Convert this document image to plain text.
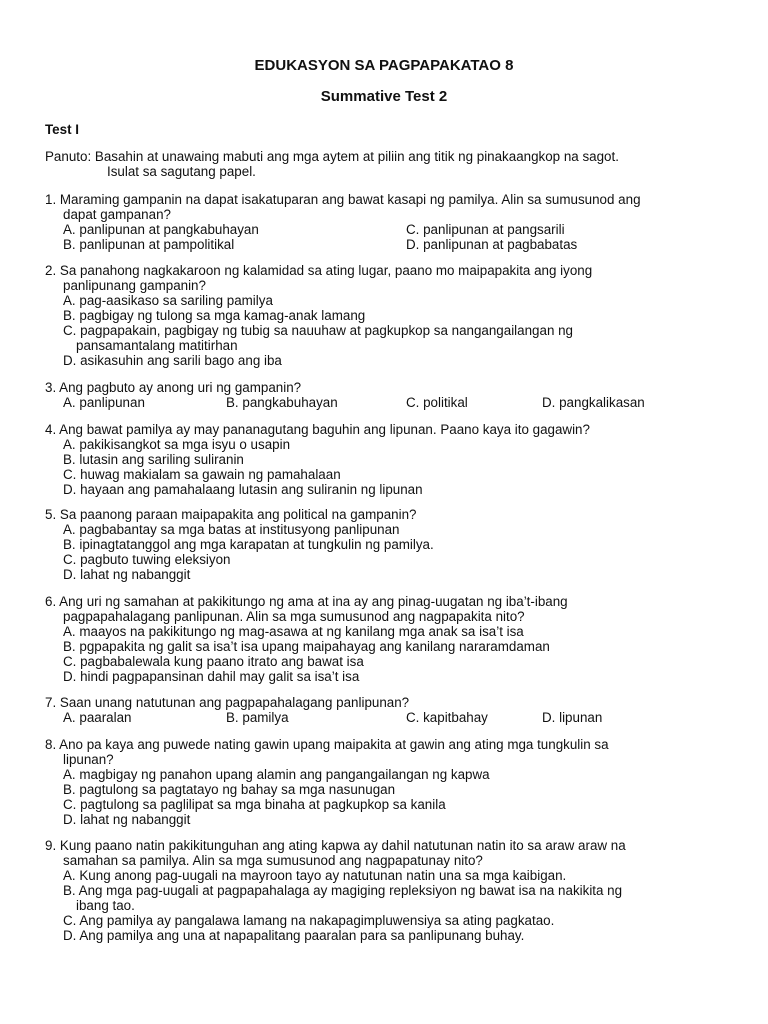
EDUKASYON SA PAGPAPAKATAO 8
Summative Test 2
Test I
Panuto: Basahin at unawaing mabuti ang mga aytem at piliin ang titik ng pinakaangkop na sagot.
Isulat sa sagutang papel.
1. Maraming gampanin na dapat isakatuparan ang bawat kasapi ng pamilya. Alin sa sumusunod ang
dapat gampanan?
A. panlipunan at pangkabuhayan	C. panlipunan at pangsarili
B. panlipunan at pampolitikal	D. panlipunan at pagbabatas
2. Sa panahong nagkakaroon ng kalamidad sa ating lugar, paano mo maipapakita ang iyong
panlipunang gampanin?
A. pag-aasikaso sa sariling pamilya
B. pagbigay ng tulong sa mga kamag-anak lamang
C. pagpapakain, pagbigay ng tubig sa nauuhaw at pagkupkop sa nangangailangan ng
pansamantalang matitirhan
D. asikasuhin ang sarili bago ang iba
3. Ang pagbuto ay anong uri ng gampanin?
A. panlipunan	B. pangkabuhayan	C. politikal	D. pangkalikasan
4. Ang bawat pamilya ay may pananagutang baguhin ang lipunan. Paano kaya ito gagawin?
A. pakikisangkot sa mga isyu o usapin
B. lutasin ang sariling suliranin
C. huwag makialam sa gawain ng pamahalaan
D. hayaan ang pamahalaang lutasin ang suliranin ng lipunan
5. Sa paanong paraan maipapakita ang political na gampanin?
A. pagbabantay sa mga batas at institusyong panlipunan
B. ipinagtatanggol ang mga karapatan at tungkulin ng pamilya.
C. pagbuto tuwing eleksiyon
D. lahat ng nabanggit
6. Ang uri ng samahan at pakikitungo ng ama at ina ay ang pinag-uugatan ng iba’t-ibang
pagpapahalagang panlipunan. Alin sa mga sumusunod ang nagpapakita nito?
A. maayos na pakikitungo ng mag-asawa at ng kanilang mga anak sa isa’t isa
B. pgpapakita ng galit sa isa’t isa upang maipahayag ang kanilang nararamdaman
C. pagbabalewala kung paano itrato ang bawat isa
D. hindi pagpapansinan dahil may galit sa isa’t isa
7. Saan unang natutunan ang pagpapahalagang panlipunan?
A. paaralan	B. pamilya	C. kapitbahay	D. lipunan
8. Ano pa kaya ang puwede nating gawin upang maipakita at gawin ang ating mga tungkulin sa
lipunan?
A. magbigay ng panahon upang alamin ang pangangailangan ng kapwa
B. pagtulong sa pagtatayo ng bahay sa mga nasunugan
C. pagtulong sa paglilipat sa mga binaha at pagkupkop sa kanila
D. lahat ng nabanggit
9. Kung paano natin pakikitunguhan ang ating kapwa ay dahil natutunan natin ito sa araw araw na
samahan sa pamilya. Alin sa mga sumusunod ang nagpapatunay nito?
A. Kung anong pag-uugali na mayroon tayo ay natutunan natin una sa mga kaibigan.
B. Ang mga pag-uugali at pagpapahalaga ay magiging repleksiyon ng bawat isa na nakikita ng
ibang tao.
C. Ang pamilya ay pangalawa lamang na nakapagimpluwensiya sa ating pagkatao.
D. Ang pamilya ang una at napapalitang paaralan para sa panlipunang buhay.
